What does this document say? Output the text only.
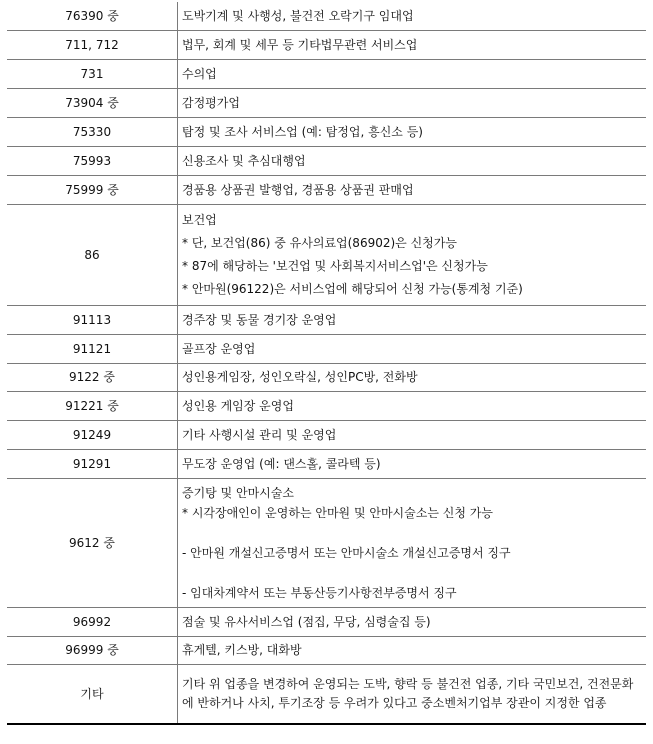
76390 중	도박기계 및 사행성, 불건전 오락기구 임대업

711, 712	법무, 회계 및 세무 등 기타법무관련 서비스업

731	수의업

73904 중	감정평가업

75330	탐정 및 조사 서비스업 (예: 탐정업, 흥신소 등)

75993	신용조사 및 추심대행업

75999 중	경품용 상품권 발행업, 경품용 상품권 판매업

86	보건업
* 단, 보건업(86) 중 유사의료업(86902)은 신청가능
* 87에 해당하는 '보건업 및 사회복지서비스업'은 신청가능
* 안마원(96122)은 서비스업에 해당되어 신청 가능(통계청 기준)

91113	경주장 및 동물 경기장 운영업

91121	골프장 운영업

9122 중	성인용게임장, 성인오락실, 성인PC방, 전화방

91221 중	성인용 게임장 운영업

91249	기타 사행시설 관리 및 운영업

91291	무도장 운영업 (예: 댄스홀, 콜라텍 등)

9612 중	증기탕 및 안마시술소
* 시각장애인이 운영하는 안마원 및 안마시술소는 신청 가능

- 안마원 개설신고증명서 또는 안마시술소 개설신고증명서 징구

- 임대차계약서 또는 부동산등기사항전부증명서 징구

96992	점술 및 유사서비스업 (점집, 무당, 심령술집 등)

96999 중	휴게텔, 키스방, 대화방

기타	기타 위 업종을 변경하여 운영되는 도박, 향락 등 불건전 업종, 기타 국민보건, 건전문화에 반하거나 사치, 투기조장 등 우려가 있다고 중소벤처기업부 장관이 지정한 업종
